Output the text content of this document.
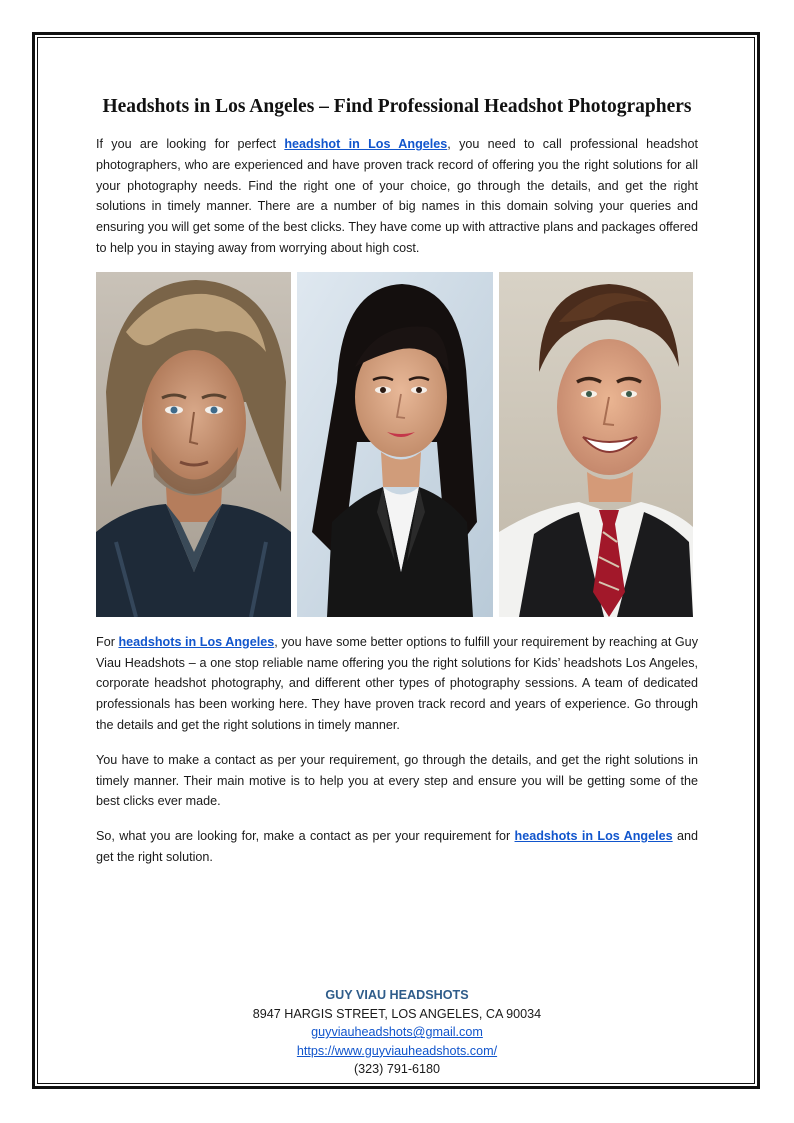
Headshots in Los Angeles – Find Professional Headshot Photographers

If you are looking for perfect headshot in Los Angeles, you need to call professional headshot photographers, who are experienced and have proven track record of offering you the right solutions for all your photography needs. Find the right one of your choice, go through the details, and get the right solutions in timely manner. There are a number of big names in this domain solving your queries and ensuring you will get some of the best clicks. They have come up with attractive plans and packages offered to help you in staying away from worrying about high cost.

For headshots in Los Angeles, you have some better options to fulfill your requirement by reaching at Guy Viau Headshots – a one stop reliable name offering you the right solutions for Kids’ headshots Los Angeles, corporate headshot photography, and different other types of photography sessions. A team of dedicated professionals has been working here. They have proven track record and years of experience. Go through the details and get the right solutions in timely manner.

You have to make a contact as per your requirement, go through the details, and get the right solutions in timely manner. Their main motive is to help you at every step and ensure you will be getting some of the best clicks ever made.

So, what you are looking for, make a contact as per your requirement for headshots in Los Angeles and get the right solution.

GUY VIAU HEADSHOTS
8947 HARGIS STREET, LOS ANGELES, CA 90034
guyviauheadshots@gmail.com
https://www.guyviauheadshots.com/
(323) 791-6180
